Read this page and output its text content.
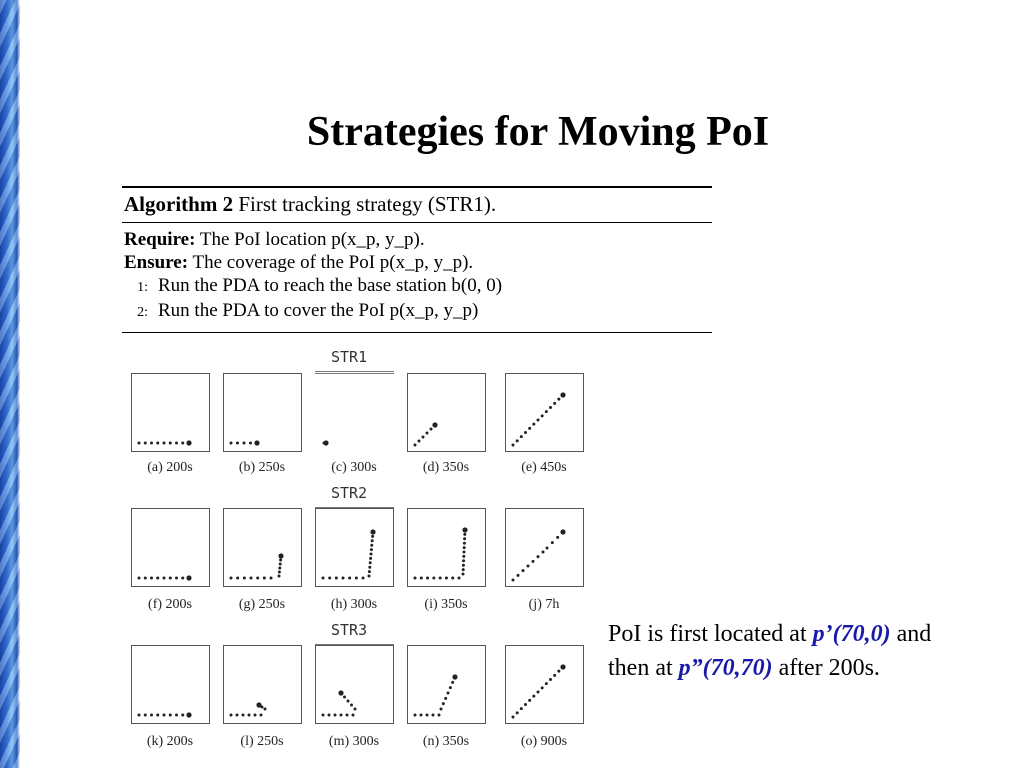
Strategies for Moving PoI
Algorithm 2 First tracking strategy (STR1).
Require: The PoI location p(x_p, y_p).
Ensure: The coverage of the PoI p(x_p, y_p).
1: Run the PDA to reach the base station b(0, 0)
2: Run the PDA to cover the PoI p(x_p, y_p)
STR1
(a) 200s	(b) 250s	(c) 300s	(d) 350s	(e) 450s
STR2
(f) 200s	(g) 250s	(h) 300s	(i) 350s	(j) 7h
STR3
(k) 200s	(l) 250s	(m) 300s	(n) 350s	(o) 900s
PoI is first located at p’(70,0) and
then at p”(70,70) after 200s.
